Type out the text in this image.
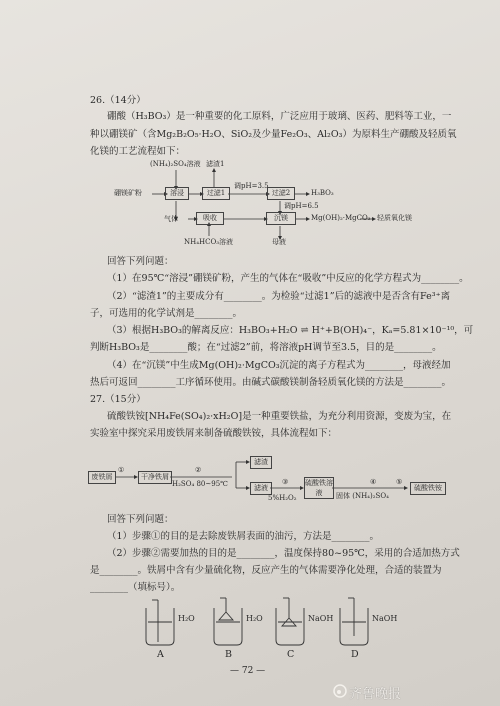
26.（14分）
硼酸（H₃BO₃）是一种重要的化工原料，广泛应用于玻璃、医药、肥料等工业，一
种以硼镁矿（含Mg₂B₂O₅·H₂O、SiO₂及少量Fe₂O₃、Al₂O₃）为原料生产硼酸及轻质氧
化镁的工艺流程如下：
(NH₄)₂SO₄溶液 滤渣1
硼镁矿粉	溶浸	过滤1
调pH=3.5
过滤2	H₃BO₃
调pH=6.5
气体	吸收	沉镁	Mg(OH)₂·MgCO₃ 轻质氧化镁
NH₄HCO₃溶液	母液
回答下列问题：
（1）在95℃“溶浸”硼镁矿粉，产生的气体在“吸收”中反应的化学方程式为________。
（2）“滤渣1”的主要成分有________。为检验“过滤1”后的滤液中是否含有Fe³⁺离
子，可选用的化学试剂是________。
（3）根据H₃BO₃的解离反应：H₃BO₃+H₂O ⇌ H⁺+B(OH)₄⁻，Kₐ=5.81×10⁻¹⁰，可
判断H₃BO₃是________酸；在“过滤2”前，将溶液pH调节至3.5，目的是________。
（4）在“沉镁”中生成Mg(OH)₂·MgCO₃沉淀的离子方程式为________，母液经加
热后可返回________工序循环使用。由碱式碳酸镁制备轻质氧化镁的方法是________。
27.（15分）
硫酸铁铵[NH₄Fe(SO₄)₂·xH₂O]是一种重要铁盐，为充分利用资源，变废为宝，在
实验室中探究采用废铁屑来制备硫酸铁铵，具体流程如下：
废铁屑
①
干净铁屑
②
H₂SO₄ 80~95℃
滤渣
滤液
③
5%H₂O₂
硫酸铁溶液
④
固体 (NH₄)₂SO₄
⑤
硫酸铁铵
回答下列问题：
（1）步骤①的目的是去除废铁屑表面的油污，方法是________。
（2）步骤②需要加热的目的是________，温度保持80~95℃，采用的合适加热方式
是________。铁屑中含有少量硫化物，反应产生的气体需要净化处理，合适的装置为
________（填标号）。
H₂O	H₂O	NaOH	NaOH
A	B	C	D
— 72 —
齐鲁晚报
